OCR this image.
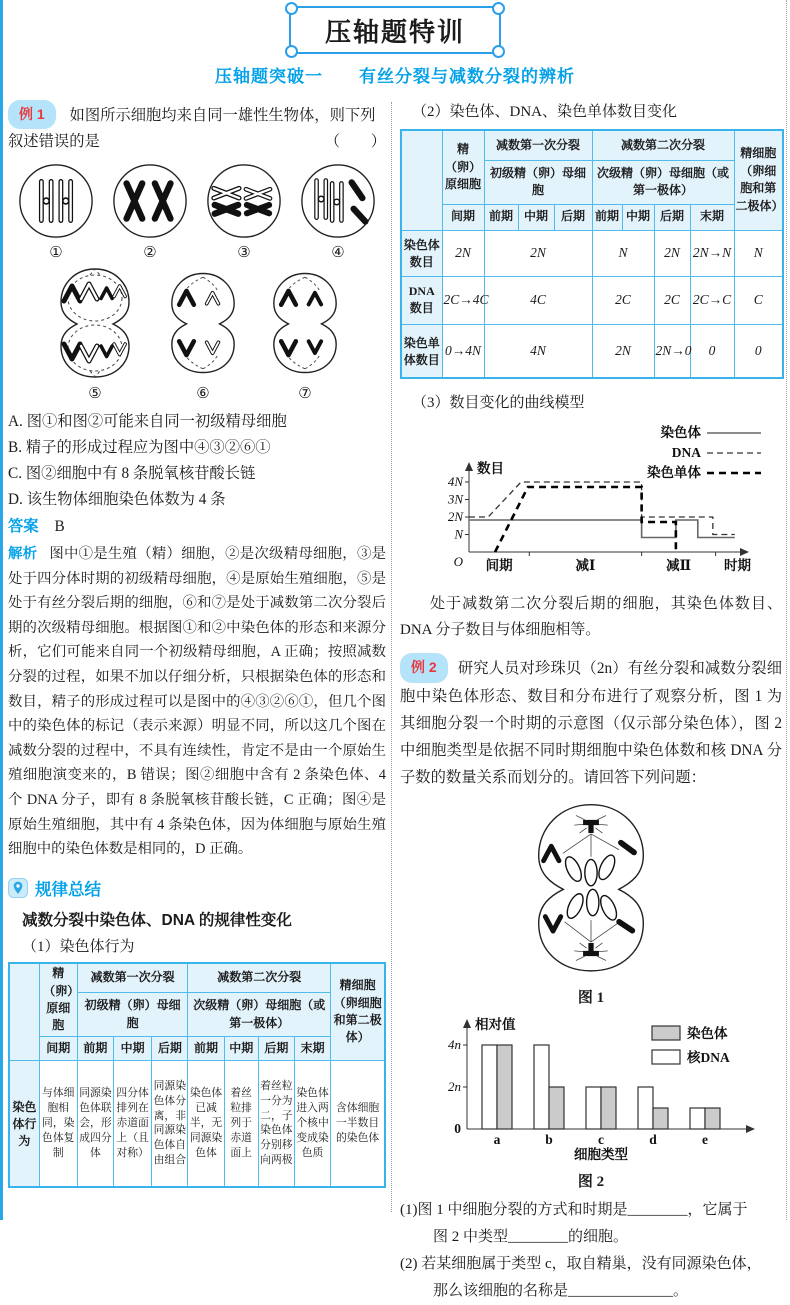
压轴题特训
压轴题突破一　　有丝分裂与减数分裂的辨析
例 1 如图所示细胞均来自同一雄性生物体，则下列
叙述错误的是	（　　）
①	②	③	④
⑤	⑥	⑦
A. 图①和图②可能来自同一初级精母细胞
B. 精子的形成过程应为图中④③②⑥①
C. 图②细胞中有 8 条脱氧核苷酸长链
D. 该生物体细胞染色体数为 4 条
答案 B
解析 图中①是生殖（精）细胞，②是次级精母细胞，③是处于四分体时期的初级精母细胞，④是原始生殖细胞，⑤是处于有丝分裂后期的细胞，⑥和⑦是处于减数第二次分裂后期的次级精母细胞。根据图①和②中染色体的形态和来源分析，它们可能来自同一个初级精母细胞，A 正确；按照减数分裂的过程，如果不加以仔细分析，只根据染色体的形态和数目，精子的形成过程可以是图中的④③②⑥①，但几个图中的染色体的标记（表示来源）明显不同，所以这几个图在减数分裂的过程中，不具有连续性，肯定不是由一个原始生殖细胞演变来的，B 错误；图②细胞中含有 2 条染色体、4 个 DNA 分子，即有 8 条脱氧核苷酸长链，C 正确；图④是原始生殖细胞，其中有 4 条染色体，因为体细胞与原始生殖细胞中的染色体数是相同的，D 正确。
规律总结
减数分裂中染色体、DNA 的规律性变化
（1）染色体行为
	精（卵）原细胞	减数第一次分裂			减数第二次分裂				精细胞（卵细胞和第二极体）
		初级精（卵）母细胞			次级精（卵）母细胞（或第一极体）				
	间期	前期	中期	后期	前期	中期	后期	末期	
染色体行为	与体细胞相同，染色体复制	同源染色体联会，形成四分体	四分体排列在赤道面上（且对称）	同源染色体分离，非同源染色体自由组合	染色体已减半，无同源染色体	着丝粒排列于赤道面上	着丝粒一分为二，子染色体分别移向两极	染色体进入两个核中变成染色质	含体细胞一半数目的染色体
（2）染色体、DNA、染色单体数目变化
	精（卵）原细胞	减数第一次分裂			减数第二次分裂				精细胞（卵细胞和第二极体）
		初级精（卵）母细胞			次级精（卵）母细胞（或第一极体）				
	间期	前期	中期	后期	前期	中期	后期	末期	
染色体数目	2N	2N			N		2N	2N→N	N
DNA数目	2C→4C	4C			2C		2C	2C→C	C
染色单体数目	0→4N	4N			2N		2N→0	0	0
（3）数目变化的曲线模型
数目
4N
3N
2N
N
O	时期
染色体
DNA
染色单体
间期	减Ⅰ	减Ⅱ
处于减数第二次分裂后期的细胞，其染色体数目、DNA 分子数目与体细胞相等。
例 2 研究人员对珍珠贝（2n）有丝分裂和减数分裂细胞中染色体形态、数目和分布进行了观察分析，图 1 为其细胞分裂一个时期的示意图（仅示部分染色体），图 2 中细胞类型是依据不同时期细胞中染色体数和核 DNA 分子数的数量关系而划分的。请回答下列问题：
图 1
a	b	c	d	e
相对值
4n
2n
0
细胞类型
染色体
核DNA
图 2
(1)图 1 中细胞分裂的方式和时期是________，它属于
图 2 中类型________的细胞。
(2) 若某细胞属于类型 c，取自精巢，没有同源染色体，
那么该细胞的名称是______________。
